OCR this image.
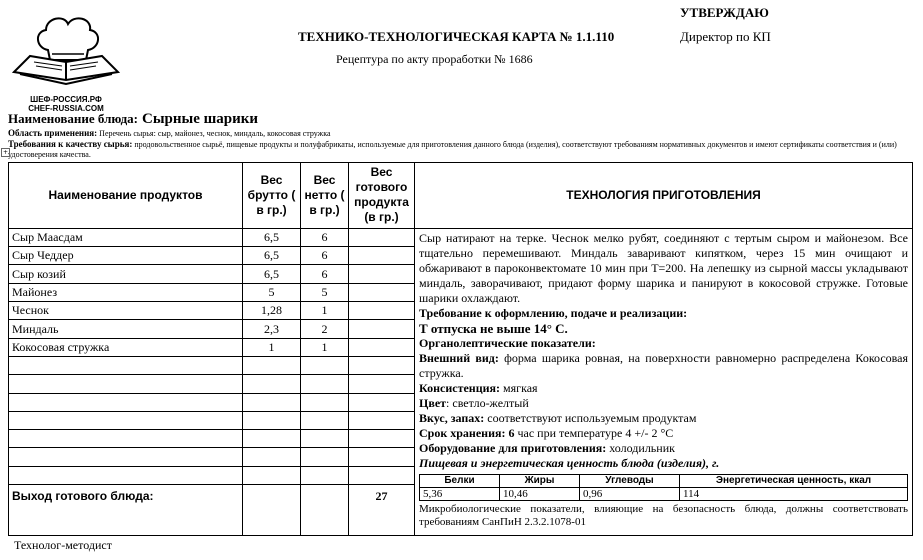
ШЕФ-РОССИЯ.РФ
CHEF-RUSSIA.COM
ТЕХНИКО-ТЕХНОЛОГИЧЕСКАЯ КАРТА № 1.1.110
УТВЕРЖДАЮ
Директор по КП
Рецептура по акту проработки № 1686
Наименование блюда: Сырные шарики
Область применения: Перечень сырья: сыр, майонез, чеснок, миндаль, кокосовая стружка
Требования к качеству сырья: продовольственное сырьё, пищевые продукты и полуфабрикаты, используемые для приготовления данного блюда (изделия), соответствуют требованиям нормативных документов и имеют сертификаты соответствия и (или) удостоверения качества.
+
Наименование продуктов	Вес брутто ( в гр.)	Вес нетто ( в гр.)	Вес готового продукта (в гр.)	ТЕХНОЛОГИЯ ПРИГОТОВЛЕНИЯ
Сыр Маасдам	6,5	6		Сыр натирают на терке. Чеснок мелко рубят, соединяют с тертым сыром и майонезом. Все тщательно перемешивают. Миндаль заваривают кипятком, через 15 мин очищают и обжаривают в пароконвектомате 10 мин при Т=200. На лепешку из сырной массы укладывают миндаль, заворачивают, придают форму шарика и панируют в кокосовой стружке. Готовые шарики охлаждают.

Требование к оформлению, подаче и реализации:

Т отпуска не выше 14° С.

Органолептические показатели:

Внешний вид: форма шарика ровная, на поверхности равномерно распределена Кокосовая стружка.

Консистенция: мягкая

Цвет: светло-желтый

Вкус, запах: соответствуют используемым продуктам

Срок хранения: 6 час при температуре 4 +/- 2 °С

Оборудование для приготовления: холодильник

Пищевая и энергетическая ценность блюда (изделия), г.

Белки	Жиры	Углеводы	Энергетическая ценность, ккал
5,36	10,46	0,96	114

Микробиологические показатели, влияющие на безопасность блюда, должны соответствовать требованиям СанПиН 2.3.2.1078-01

Сыр Чеддер	6,5	6	
Сыр козий	6,5	6	
Майонез	5	5	
Чеснок	1,28	1	
Миндаль	2,3	2	
Кокосовая стружка	1	1	

Выход готового блюда:			27
Технолог-методист
